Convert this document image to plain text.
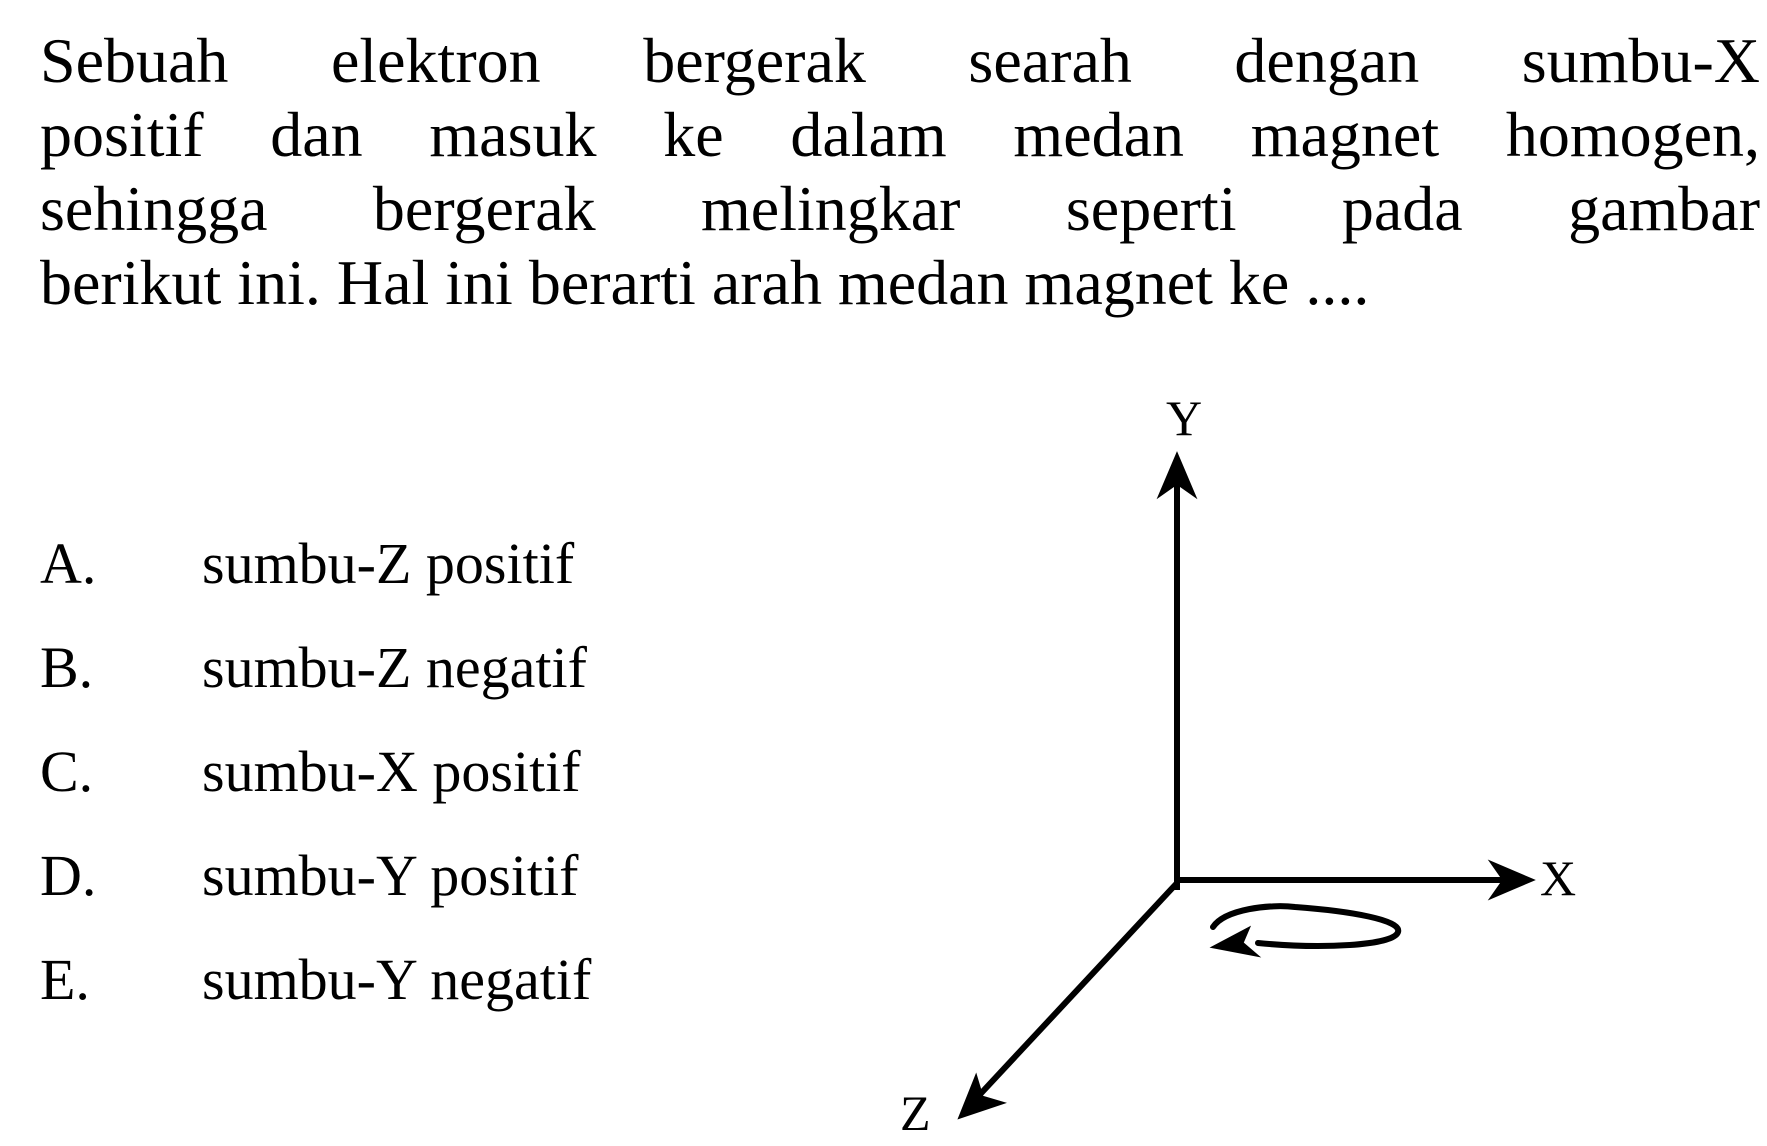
Sebuah elektron bergerak searah dengan sumbu-X
positif dan masuk ke dalam medan magnet homogen,
sehingga bergerak melingkar seperti pada gambar
berikut ini. Hal ini berarti arah medan magnet ke ....
A.	sumbu-Z positif
B.	sumbu-Z negatif
C.	sumbu-X positif
D.	sumbu-Y positif
E.	sumbu-Y negatif
Y
X
Z
